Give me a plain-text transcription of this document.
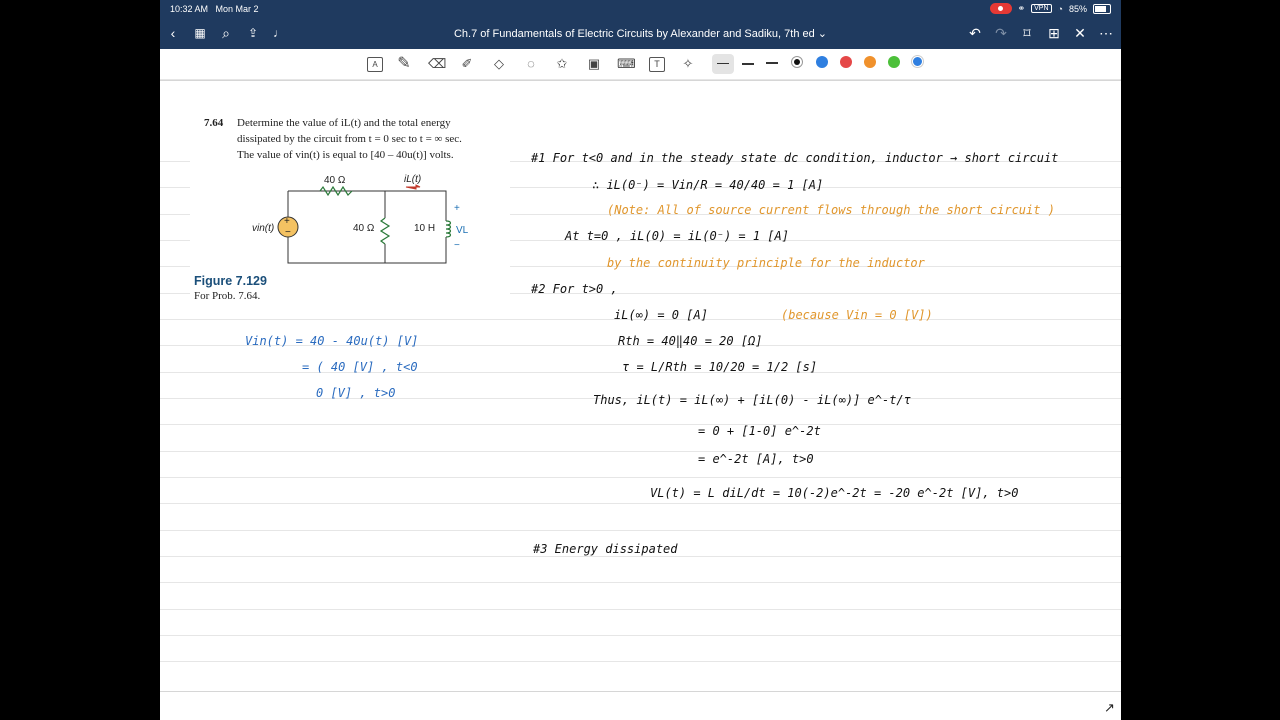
10:32 AM Mon Mar 2	⚭	VPN	◔ 85%
‹	▦	⌕	⇪	♩	Ch.7 of Fundamentals of Electric Circuits by Alexander and Sadiku, 7th ed ⌄	↶ ↷	⌑	⊞ ✕ ⋯
A	✎ ⌫ ✐ ◇	◌	✩ ▣ ⌨	T	✧
7.64 Determine the value of iL(t) and the total energy
dissipated by the circuit from t = 0 sec to t = ∞ sec.
The value of vin(t) is equal to [40 – 40u(t)] volts.
+
−
40 Ω
40 Ω	10 H
iL(t)
vin(t)
+
VL
−
Figure 7.129
For Prob. 7.64.
Vin(t) = 40 - 40u(t) [V]
= ( 40 [V] , t<0
0 [V] , t>0
#1 For t<0 and in the steady state dc condition, inductor → short circuit
∴ iL(0⁻) = Vin/R = 40/40 = 1 [A]
(Note: All of source current flows through the short circuit )
At t=0 , iL(0) = iL(0⁻) = 1 [A]
by the continuity principle for the inductor
#2 For t>0 ,
iL(∞) = 0 [A]	(because Vin = 0 [V])
Rth = 40‖40 = 20 [Ω]
τ = L/Rth = 10/20 = 1/2 [s]
Thus, iL(t) = iL(∞) + [iL(0) - iL(∞)] e^-t/τ
= 0 + [1-0] e^-2t
= e^-2t [A], t>0
VL(t) = L diL/dt = 10(-2)e^-2t = -20 e^-2t [V], t>0
#3 Energy dissipated
↗
